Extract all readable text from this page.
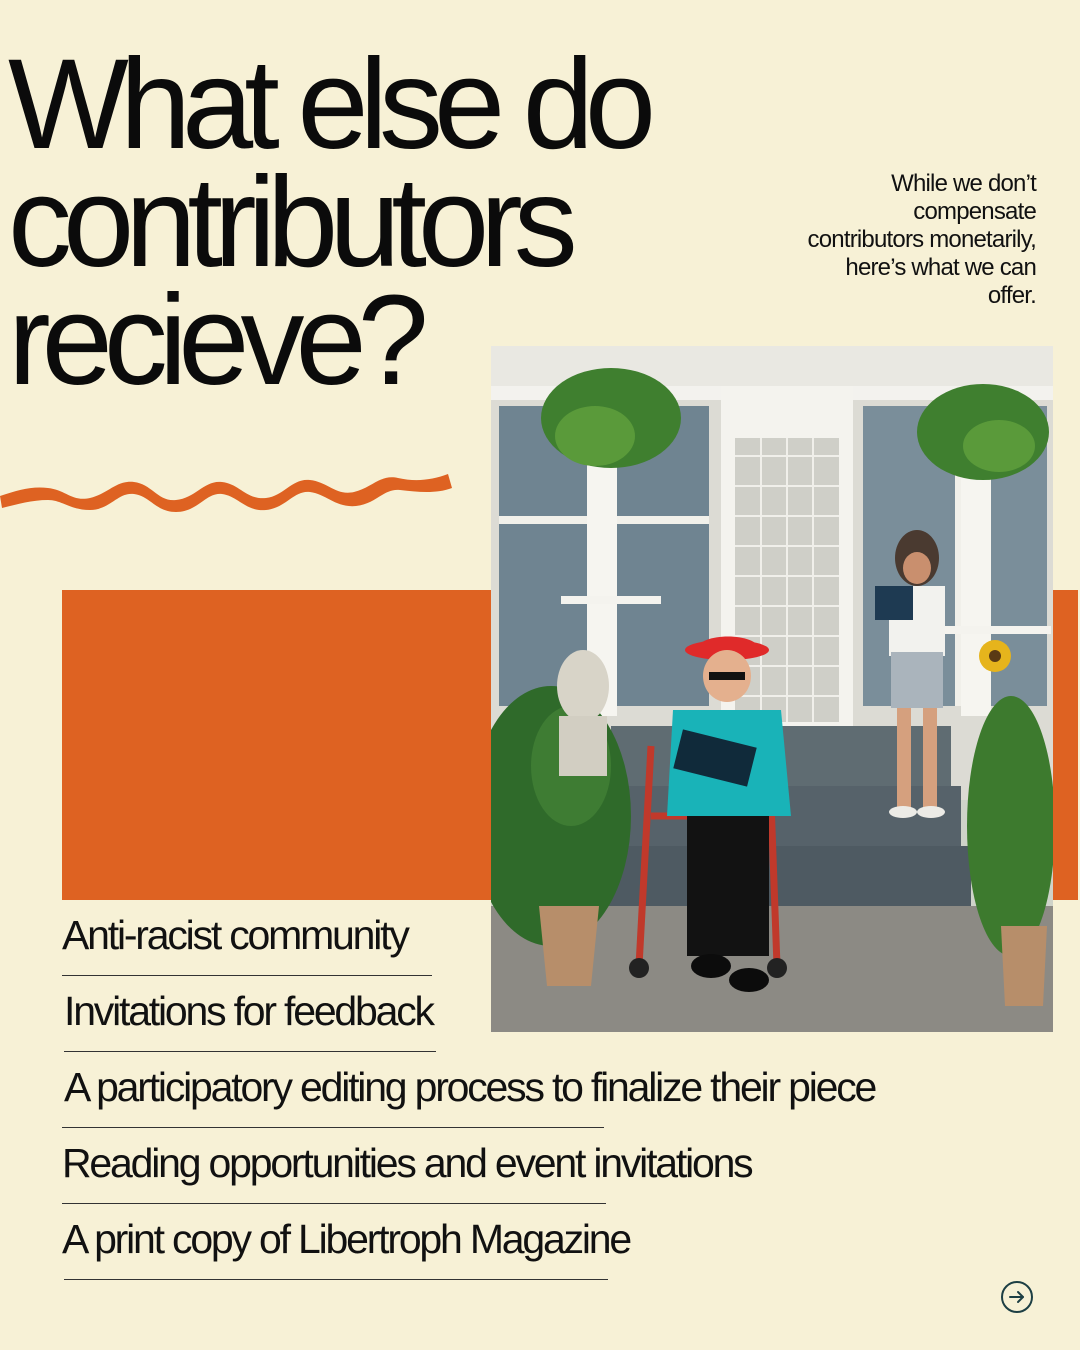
What else do
contributors
recieve?
While we don’t compensate contributors monetarily, here’s what we can offer.
Anti-racist community
Invitations for feedback
A participatory editing process to finalize their piece
Reading opportunities and event invitations
A print copy of Libertroph Magazine
